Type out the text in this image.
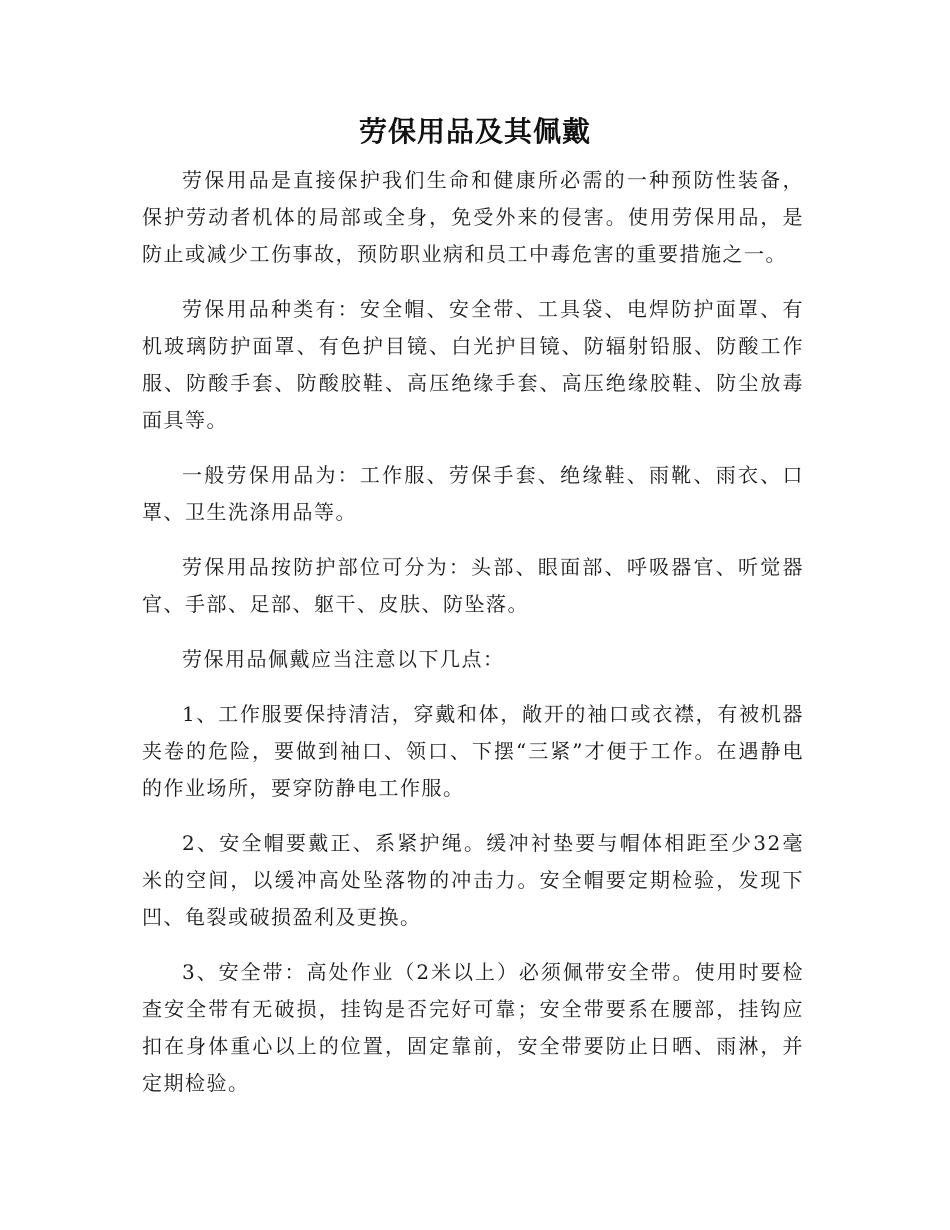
劳保用品及其佩戴

劳保用品是直接保护我们生命和健康所必需的一种预防性装备，保护劳动者机体的局部或全身，免受外来的侵害。使用劳保用品，是防止或减少工伤事故，预防职业病和员工中毒危害的重要措施之一。

劳保用品种类有：安全帽、安全带、工具袋、电焊防护面罩、有机玻璃防护面罩、有色护目镜、白光护目镜、防辐射铅服、防酸工作服、防酸手套、防酸胶鞋、高压绝缘手套、高压绝缘胶鞋、防尘放毒面具等。

一般劳保用品为：工作服、劳保手套、绝缘鞋、雨靴、雨衣、口罩、卫生洗涤用品等。

劳保用品按防护部位可分为：头部、眼面部、呼吸器官、听觉器官、手部、足部、躯干、皮肤、防坠落。

劳保用品佩戴应当注意以下几点：

1、工作服要保持清洁，穿戴和体，敞开的袖口或衣襟，有被机器夹卷的危险，要做到袖口、领口、下摆“三紧”才便于工作。在遇静电的作业场所，要穿防静电工作服。

2、安全帽要戴正、系紧护绳。缓冲衬垫要与帽体相距至少32毫米的空间，以缓冲高处坠落物的冲击力。安全帽要定期检验，发现下凹、龟裂或破损盈利及更换。

3、安全带：高处作业（2米以上）必须佩带安全带。使用时要检查安全带有无破损，挂钩是否完好可靠；安全带要系在腰部，挂钩应扣在身体重心以上的位置，固定靠前，安全带要防止日晒、雨淋，并定期检验。
